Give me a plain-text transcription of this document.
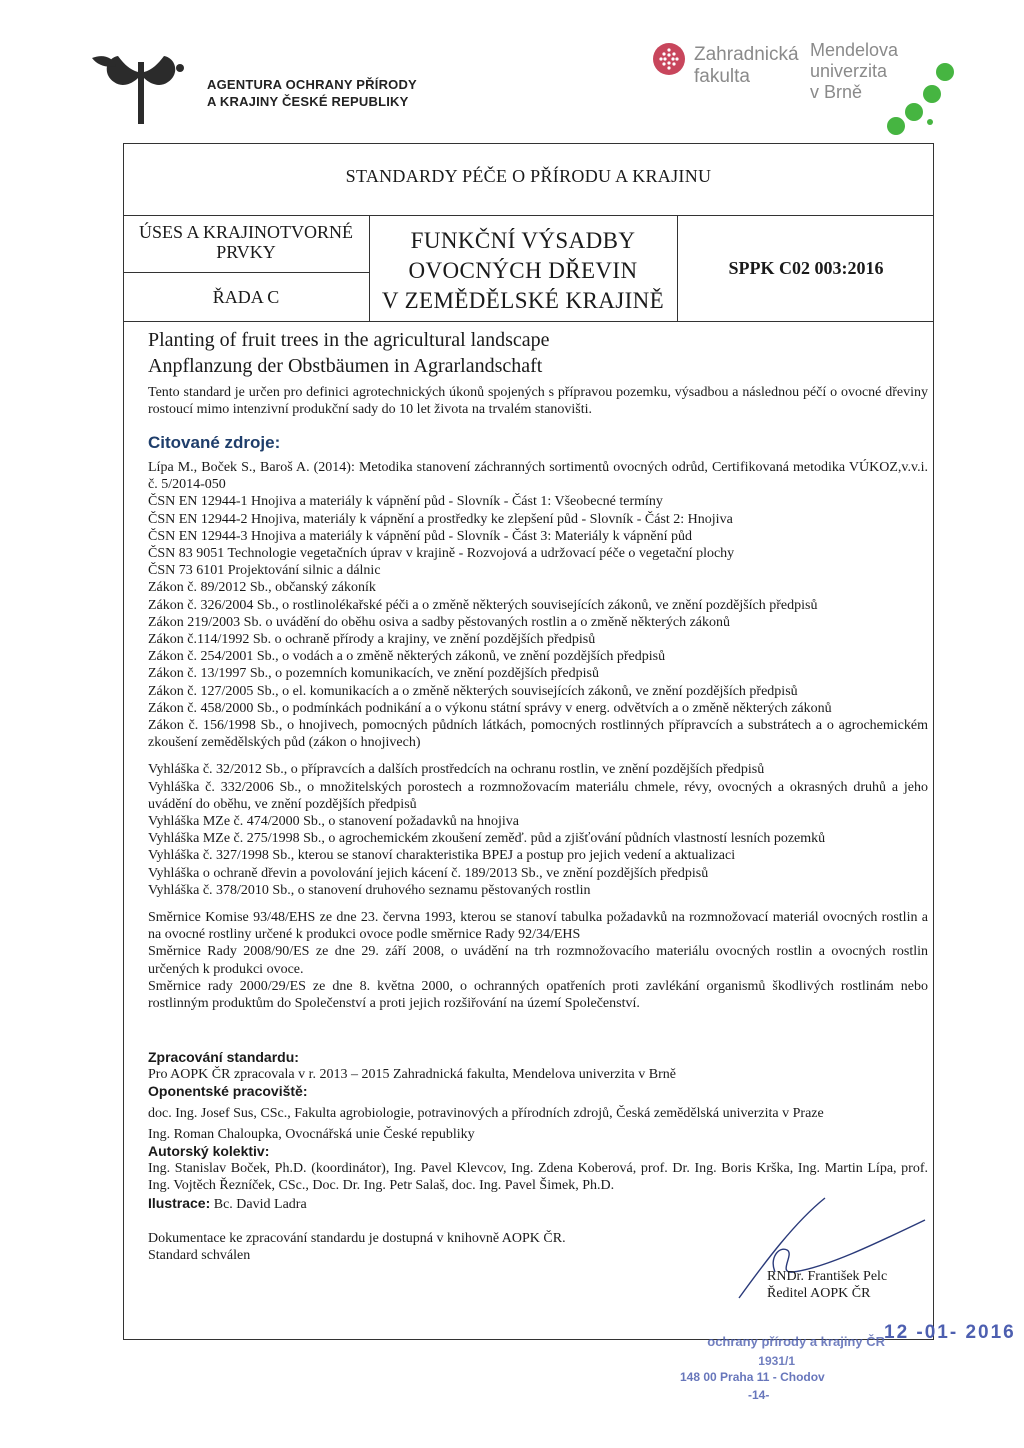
AGENTURA OCHRANY PŘÍRODY
A KRAJINY ČESKÉ REPUBLIKY
Zahradnická
fakulta
Mendelova
univerzita
v Brně
STANDARDY PÉČE O PŘÍRODU A KRAJINU
ÚSES A KRAJINOTVORNÉ
PRVKY
ŘADA C
FUNKČNÍ VÝSADBY
OVOCNÝCH DŘEVIN
V ZEMĚDĚLSKÉ KRAJINĚ
SPPK C02 003:2016
Planting of fruit trees in the agricultural landscape
Anpflanzung der Obstbäumen in Agrarlandschaft
Tento standard je určen pro definici agrotechnických úkonů spojených s přípravou pozemku, výsadbou a následnou péčí o ovocné dřeviny rostoucí mimo intenzivní produkční sady do 10 let života na trvalém stanovišti.
Citované zdroje:
Lípa M., Boček S., Baroš A. (2014): Metodika stanovení záchranných sortimentů ovocných odrůd, Certifikovaná metodika VÚKOZ,v.v.i. č. 5/2014-050
ČSN EN 12944-1 Hnojiva a materiály k vápnění půd - Slovník - Část 1: Všeobecné termíny
ČSN EN 12944-2 Hnojiva, materiály k vápnění a prostředky ke zlepšení půd - Slovník - Část 2: Hnojiva
ČSN EN 12944-3 Hnojiva a materiály k vápnění půd - Slovník - Část 3: Materiály k vápnění půd
ČSN 83 9051 Technologie vegetačních úprav v krajině - Rozvojová a udržovací péče o vegetační plochy
ČSN 73 6101 Projektování silnic a dálnic
Zákon č. 89/2012 Sb., občanský zákoník
Zákon č. 326/2004 Sb., o rostlinolékařské péči a o změně některých souvisejících zákonů, ve znění pozdějších předpisů
Zákon 219/2003 Sb. o uvádění do oběhu osiva a sadby pěstovaných rostlin a o změně některých zákonů
Zákon č.114/1992 Sb. o ochraně přírody a krajiny, ve znění pozdějších předpisů
Zákon č. 254/2001 Sb., o vodách a o změně některých zákonů, ve znění pozdějších předpisů
Zákon č. 13/1997 Sb., o pozemních komunikacích, ve znění pozdějších předpisů
Zákon č. 127/2005 Sb., o el. komunikacích a o změně některých souvisejících zákonů, ve znění pozdějších předpisů
Zákon č. 458/2000 Sb., o podmínkách podnikání a o výkonu státní správy v energ. odvětvích a o změně některých zákonů
Zákon č. 156/1998 Sb., o hnojivech, pomocných půdních látkách, pomocných rostlinných přípravcích a substrátech a o agrochemickém zkoušení zemědělských půd (zákon o hnojivech)
Vyhláška č. 32/2012 Sb., o přípravcích a dalších prostředcích na ochranu rostlin, ve znění pozdějších předpisů
Vyhláška č. 332/2006 Sb., o množitelských porostech a rozmnožovacím materiálu chmele, révy, ovocných a okrasných druhů a jeho uvádění do oběhu, ve znění pozdějších předpisů
Vyhláška MZe č. 474/2000 Sb., o stanovení požadavků na hnojiva
Vyhláška MZe č. 275/1998 Sb., o agrochemickém zkoušení zeměď. půd a zjišťování půdních vlastností lesních pozemků
Vyhláška č. 327/1998 Sb., kterou se stanoví charakteristika BPEJ a postup pro jejich vedení a aktualizaci
Vyhláška o ochraně dřevin a povolování jejich kácení č. 189/2013 Sb., ve znění pozdějších předpisů
Vyhláška č. 378/2010 Sb., o stanovení druhového seznamu pěstovaných rostlin
Směrnice Komise 93/48/EHS ze dne 23. června 1993, kterou se stanoví tabulka požadavků na rozmnožovací materiál ovocných rostlin a na ovocné rostliny určené k produkci ovoce podle směrnice Rady 92/34/EHS
Směrnice Rady 2008/90/ES ze dne 29. září 2008, o uvádění na trh rozmnožovacího materiálu ovocných rostlin a ovocných rostlin určených k produkci ovoce.
Směrnice rady 2000/29/ES ze dne 8. května 2000, o ochranných opatřeních proti zavlékání organismů škodlivých rostlinám nebo rostlinným produktům do Společenství a proti jejich rozšiřování na území Společenství.
Zpracování standardu:
Pro AOPK ČR zpracovala v r. 2013 – 2015 Zahradnická fakulta, Mendelova univerzita v Brně
Oponentské pracoviště:
doc. Ing. Josef Sus, CSc., Fakulta agrobiologie, potravinových a přírodních zdrojů, Česká zemědělská univerzita v Praze
Ing. Roman Chaloupka, Ovocnářská unie České republiky
Autorský kolektiv:
Ing. Stanislav Boček, Ph.D. (koordinátor), Ing. Pavel Klevcov, Ing. Zdena Koberová, prof. Dr. Ing. Boris Krška, Ing. Martin Lípa, prof. Ing. Vojtěch Řezníček, CSc., Doc. Dr. Ing. Petr Salaš, doc. Ing. Pavel Šimek, Ph.D.
Ilustrace: Bc. David Ladra
Dokumentace ke zpracování standardu je dostupná v knihovně AOPK ČR.
Standard schválen
RNDr. František Pelc
Ředitel AOPK ČR
ochrany přírody a krajiny ČR
1931/1
148 00 Praha 11 - Chodov
-14-
12 -01- 2016
